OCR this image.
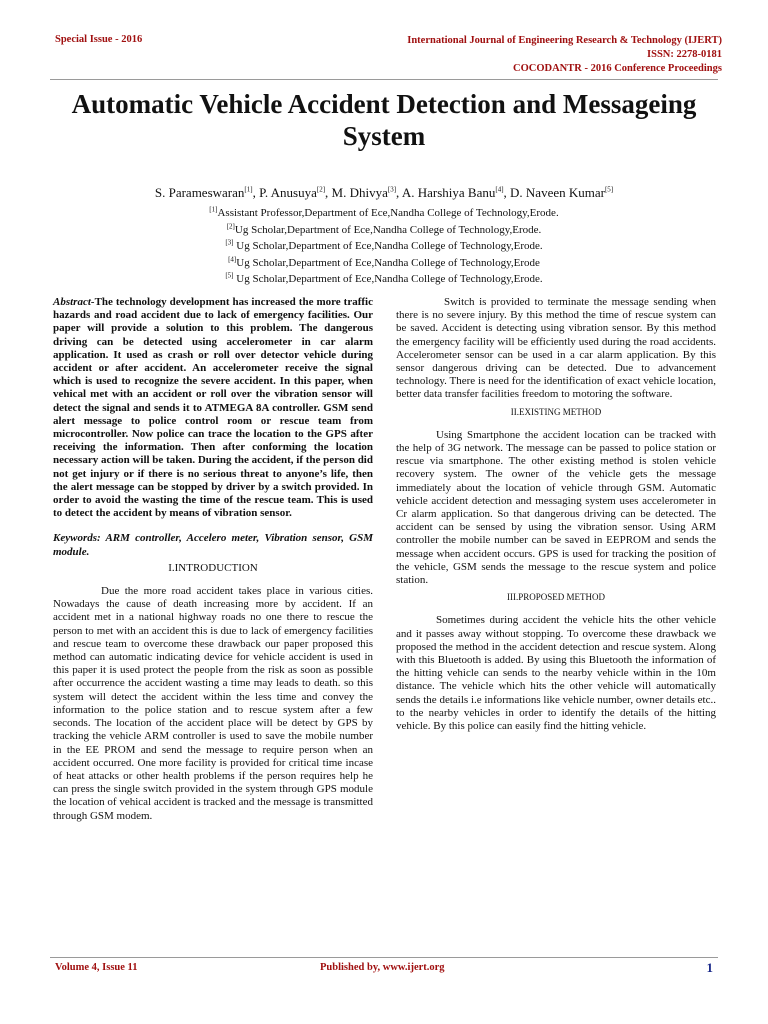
Special Issue - 2016	International Journal of Engineering Research & Technology (IJERT)
ISSN: 2278-0181
COCODANTR - 2016 Conference Proceedings
Automatic Vehicle Accident Detection and Messageing System
S. Parameswaran[1], P. Anusuya[2], M. Dhivya[3], A. Harshiya Banu[4], D. Naveen Kumar[5]
[1]Assistant Professor,Department of Ece,Nandha College of Technology,Erode.
[2]Ug Scholar,Department of Ece,Nandha College of Technology,Erode.
[3] Ug Scholar,Department of Ece,Nandha College of Technology,Erode.
[4]Ug Scholar,Department of Ece,Nandha College of Technology,Erode
[5] Ug Scholar,Department of Ece,Nandha College of Technology,Erode.

Abstract-The technology development has increased the more traffic hazards and road accident due to lack of emergency facilities. Our paper will provide a solution to this problem. The dangerous driving can be detected using accelerometer in car alarm application. It used as crash or roll over detector vehicle during accident or after accident. An accelerometer receive the signal which is used to recognize the severe accident. In this paper, when vehical met with an accident or roll over the vibration sensor will detect the signal and sends it to ATMEGA 8A controller. GSM send alert message to police control room or rescue team from microcontroller. Now police can trace the location to the GPS after receiving the information. Then after conforming the location necessary action will be taken. During the accident, if the person did not get injury or if there is no serious threat to anyone’s life, then the alert message can be stopped by driver by a switch provided. In order to avoid the wasting the time of the rescue team. This is used to detect the accident by means of vibration sensor.

Keywords: ARM controller, Accelero meter, Vibration sensor, GSM module.

I.INTRODUCTION

Due the more road accident takes place in various cities. Nowadays the cause of death increasing more by accident. If an accident met in a national highway roads no one there to rescue the person to met with an accident this is due to lack of emergency facilities and rescue team to overcome these drawback our paper proposed this method can automatic indicating device for vehicle accident is used in this paper it is used protect the people from the risk as soon as possible after occurrence the accident wasting a time may leads to death. so this system will detect the accident within the less time and convey the information to the police station and to rescue system after a few seconds. The location of the accident place will be detect by GPS by tracking the vehicle ARM controller is used to save the mobile number in the EE PROM and send the message to require person when an accident occurred. One more facility is provided for critical time incase of heat attacks or other health problems if the person requires help he can press the single switch provided in the system through GPS module the location of vehical accident is tracked and the message is transmitted through GSM modem.

Switch is provided to terminate the message sending when there is no severe injury. By this method the time of rescue system can be saved. Accident is detecting using vibration sensor. By this method the emergency facility will be efficiently used during the road accidents. Accelerometer sensor can be used in a car alarm application. By this sensor dangerous driving can be detected. Due to advancement technology. There is need for the identification of exact vehicle location, better data transfer facilities freedom to motoring the software.

II.EXISTING METHOD

Using Smartphone the accident location can be tracked with the help of 3G network. The message can be passed to police station or rescue via smartphone. The other existing method is stolen vehicle recovery system. The owner of the vehicle gets the message immediately about the location of vehicle through GSM. Automatic vehicle accident detection and messaging system uses accelerometer in Cr alarm application. So that dangerous driving can be detected. The accident can be sensed by using the vibration sensor. Using ARM controller the mobile number can be saved in EEPROM and sends the message when accident occurs. GPS is used for tracking the position of the vehicle, GSM sends the message to the rescue system and police station.

III.PROPOSED METHOD

Sometimes during accident the vehicle hits the other vehicle and it passes away without stopping. To overcome these drawback we proposed the method in the accident detection and rescue system. Along with this Bluetooth is added. By using this Bluetooth the information of the hitting vehicle can sends to the nearby vehicle within in the 10m distance. The vehicle which hits the other vehicle will automatically sends the details i.e informations like vehicle number, owner details etc.. to the nearby vehicles in order to identify the details of the hitting vehicle. By this police can easily find the hitting vehicle.

Volume 4, Issue 11	Published by, www.ijert.org	1
